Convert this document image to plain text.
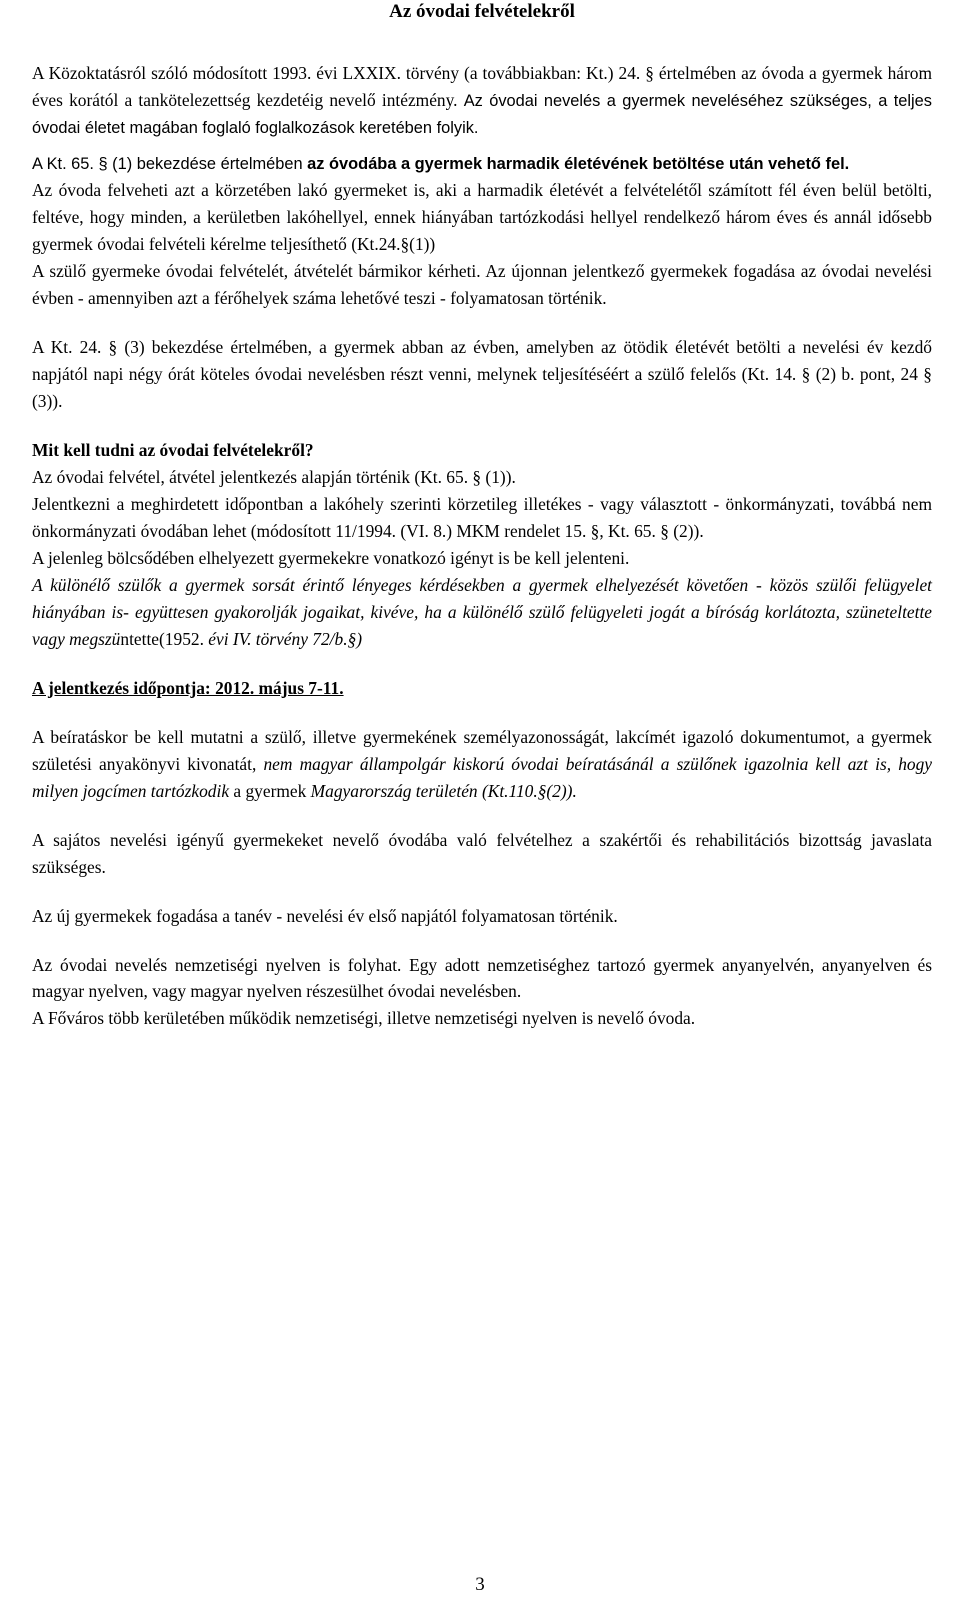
Az óvodai felvételekről

A Közoktatásról szóló módosított 1993. évi LXXIX. törvény (a továbbiakban: Kt.) 24. § értelmében az óvoda a gyermek három éves korától a tankötelezettség kezdetéig nevelő intézmény. Az óvodai nevelés a gyermek neveléséhez szükséges, a teljes óvodai életet magában foglaló foglalkozások keretében folyik.

A Kt. 65. § (1) bekezdése értelmében az óvodába a gyermek harmadik életévének betöltése után vehető fel.

Az óvoda felveheti azt a körzetében lakó gyermeket is, aki a harmadik életévét a felvételétől számított fél éven belül betölti, feltéve, hogy minden, a kerületben lakóhellyel, ennek hiányában tartózkodási hellyel rendelkező három éves és annál idősebb gyermek óvodai felvételi kérelme teljesíthető (Kt.24.§(1))

A szülő gyermeke óvodai felvételét, átvételét bármikor kérheti. Az újonnan jelentkező gyermekek fogadása az óvodai nevelési évben - amennyiben azt a férőhelyek száma lehetővé teszi - folyamatosan történik.

A Kt. 24. § (3) bekezdése értelmében, a gyermek abban az évben, amelyben az ötödik életévét betölti a nevelési év kezdő napjától napi négy órát köteles óvodai nevelésben részt venni, melynek teljesítéséért a szülő felelős (Kt. 14. § (2) b. pont, 24 § (3)).

Mit kell tudni az óvodai felvételekről?

Az óvodai felvétel, átvétel jelentkezés alapján történik (Kt. 65. § (1)).

Jelentkezni a meghirdetett időpontban a lakóhely szerinti körzetileg illetékes - vagy választott - önkormányzati, továbbá nem önkormányzati óvodában lehet (módosított 11/1994. (VI. 8.) MKM rendelet 15. §, Kt. 65. § (2)).

A jelenleg bölcsődében elhelyezett gyermekekre vonatkozó igényt is be kell jelenteni.

A különélő szülők a gyermek sorsát érintő lényeges kérdésekben a gyermek elhelyezését követően - közös szülői felügyelet hiányában is- együttesen gyakorolják jogaikat, kivéve, ha a különélő szülő felügyeleti jogát a bíróság korlátozta, szüneteltette vagy megszüntette(1952. évi IV. törvény 72/b.§)

A jelentkezés időpontja: 2012. május 7-11.

A beíratáskor be kell mutatni a szülő, illetve gyermekének személyazonosságát, lakcímét igazoló dokumentumot, a gyermek születési anyakönyvi kivonatát, nem magyar állampolgár kiskorú óvodai beíratásánál a szülőnek igazolnia kell azt is, hogy milyen jogcímen tartózkodik a gyermek Magyarország területén (Kt.110.§(2)).

A sajátos nevelési igényű gyermekeket nevelő óvodába való felvételhez a szakértői és rehabilitációs bizottság javaslata szükséges.

Az új gyermekek fogadása a tanév - nevelési év első napjától folyamatosan történik.

Az óvodai nevelés nemzetiségi nyelven is folyhat. Egy adott nemzetiséghez tartozó gyermek anyanyelvén, anyanyelven és magyar nyelven, vagy magyar nyelven részesülhet óvodai nevelésben.

A Főváros több kerületében működik nemzetiségi, illetve nemzetiségi nyelven is nevelő óvoda.

3
